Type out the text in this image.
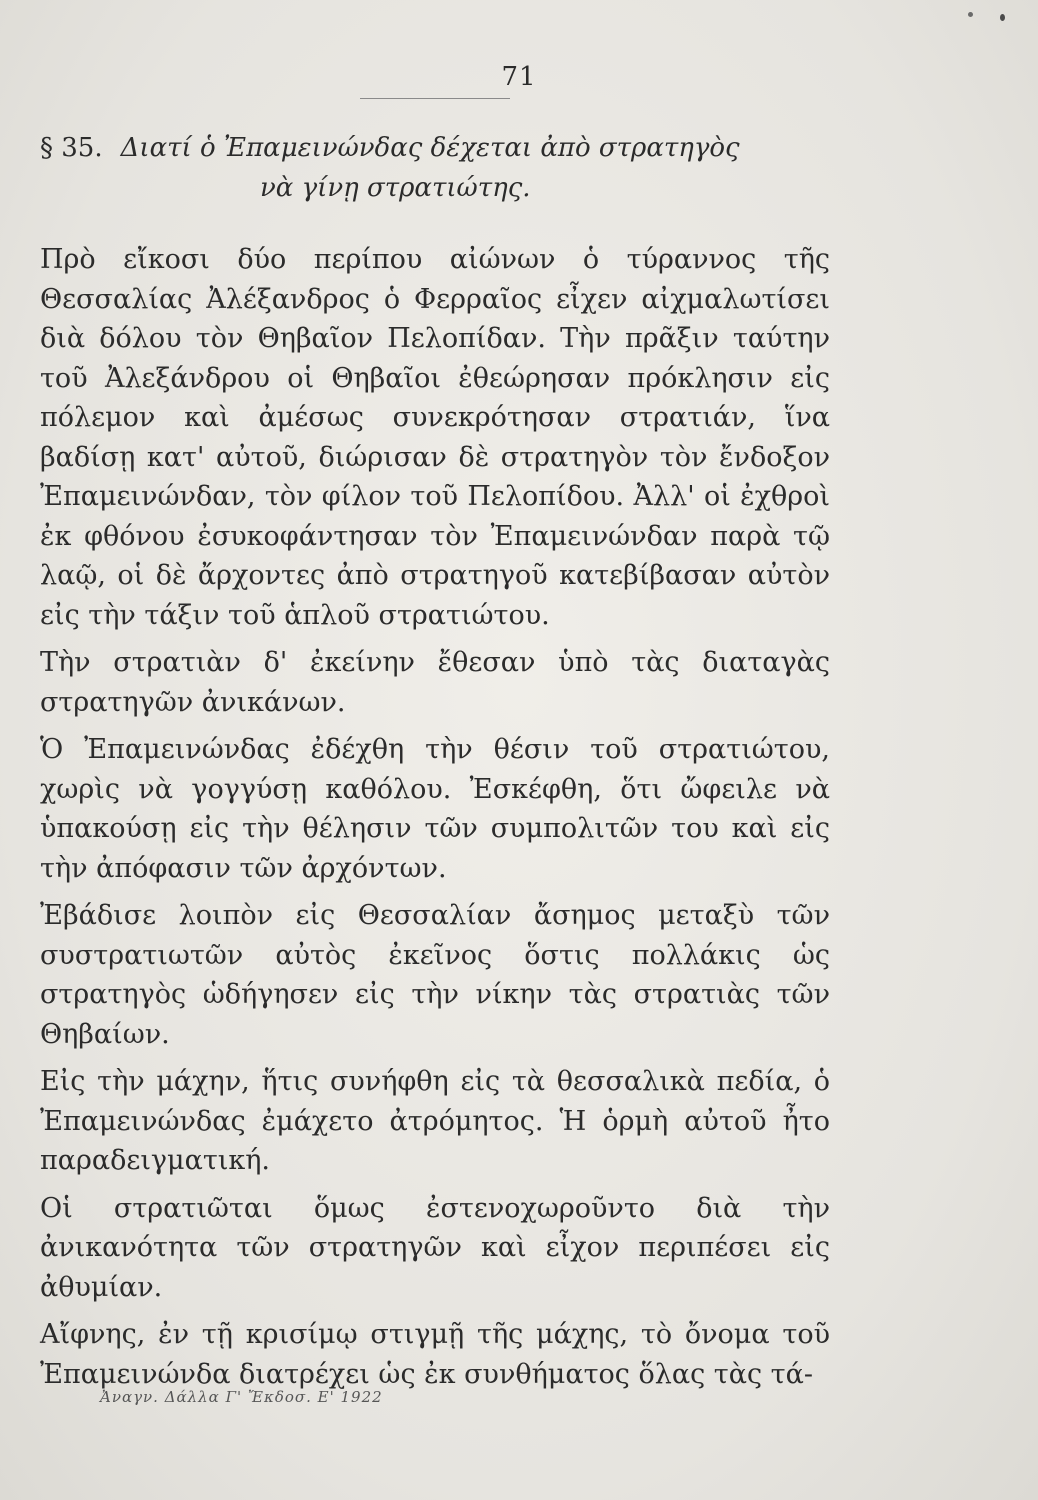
71
§ 35. Διατί ὁ Ἐπαμεινώνδας δέχεται ἀπὸ στρατηγὸς
νὰ γίνῃ στρατιώτης.

Πρὸ εἴκοσι δύο περίπου αἰώνων ὁ τύραννος τῆς Θεσσαλίας Ἀλέξανδρος ὁ Φερραῖος εἶχεν αἰχμαλωτίσει διὰ δόλου τὸν Θηβαῖον Πελοπίδαν. Τὴν πρᾶξιν ταύτην τοῦ Ἀλεξάνδρου οἱ Θηβαῖοι ἐθεώρησαν πρόκλησιν εἰς πόλεμον καὶ ἀμέσως συνεκρότησαν στρατιάν, ἵνα βαδίσῃ κατ' αὐτοῦ, διώρισαν δὲ στρατηγὸν τὸν ἔνδοξον Ἐπαμεινώνδαν, τὸν φίλον τοῦ Πελοπίδου. Ἀλλ' οἱ ἐχθροὶ ἐκ φθόνου ἐσυκοφάντησαν τὸν Ἐπαμεινώνδαν παρὰ τῷ λαῷ, οἱ δὲ ἄρχοντες ἀπὸ στρατηγοῦ κατεβίβασαν αὐτὸν εἰς τὴν τάξιν τοῦ ἁπλοῦ στρατιώτου.

Τὴν στρατιὰν δ' ἐκείνην ἔθεσαν ὑπὸ τὰς διαταγὰς στρατηγῶν ἀνικάνων.

Ὁ Ἐπαμεινώνδας ἐδέχθη τὴν θέσιν τοῦ στρατιώτου, χωρὶς νὰ γογγύσῃ καθόλου. Ἐσκέφθη, ὅτι ὤφειλε νὰ ὑπακούσῃ εἰς τὴν θέλησιν τῶν συμπολιτῶν του καὶ εἰς τὴν ἀπόφασιν τῶν ἀρχόντων.

Ἐβάδισε λοιπὸν εἰς Θεσσαλίαν ἄσημος μεταξὺ τῶν συστρατιωτῶν αὐτὸς ἐκεῖνος ὅστις πολλάκις ὡς στρατηγὸς ὡδήγησεν εἰς τὴν νίκην τὰς στρατιὰς τῶν Θηβαίων.

Εἰς τὴν μάχην, ἥτις συνήφθη εἰς τὰ θεσσαλικὰ πεδία, ὁ Ἐπαμεινώνδας ἐμάχετο ἀτρόμητος. Ἡ ὁρμὴ αὐτοῦ ἦτο παραδειγματική.

Οἱ στρατιῶται ὅμως ἐστενοχωροῦντο διὰ τὴν ἀνικανότητα τῶν στρατηγῶν καὶ εἶχον περιπέσει εἰς ἀθυμίαν.

Αἴφνης, ἐν τῇ κρισίμῳ στιγμῇ τῆς μάχης, τὸ ὄνομα τοῦ Ἐπαμεινώνδα διατρέχει ὡς ἐκ συνθήματος ὅλας τὰς τά-

Ἀναγν. Δάλλα Γ' Ἔκδοσ. Ε' 1922
